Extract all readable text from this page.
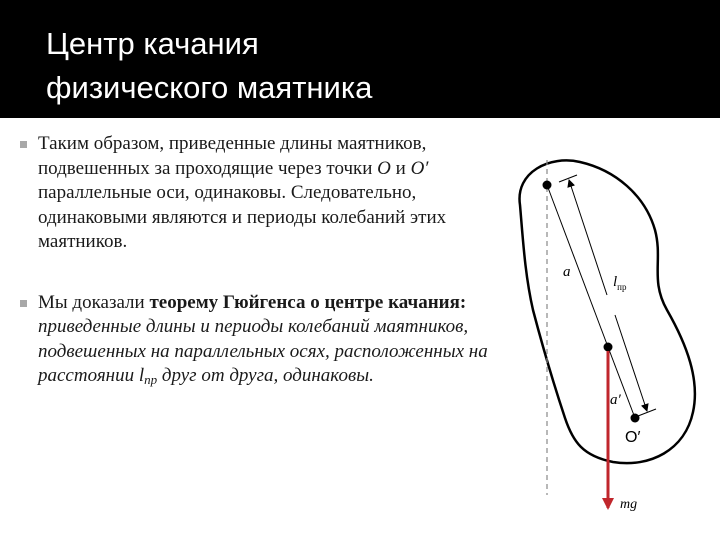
Центр качания
физического маятника
Таким образом, приведенные длины маятников, подвешенных за проходящие через точки O и O′ параллельные оси, одинаковы. Следовательно, одинаковыми являются и периоды колебаний этих маятников.
Мы доказали теорему Гюйгенса о центре качания: приведенные длины и периоды колебаний маятников, подвешенных на параллельных осях, расположенных на расстоянии $l_{пр}$ друг от друга, одинаковы.
a
$l_{пр}$
a′
O′
mg⃗
